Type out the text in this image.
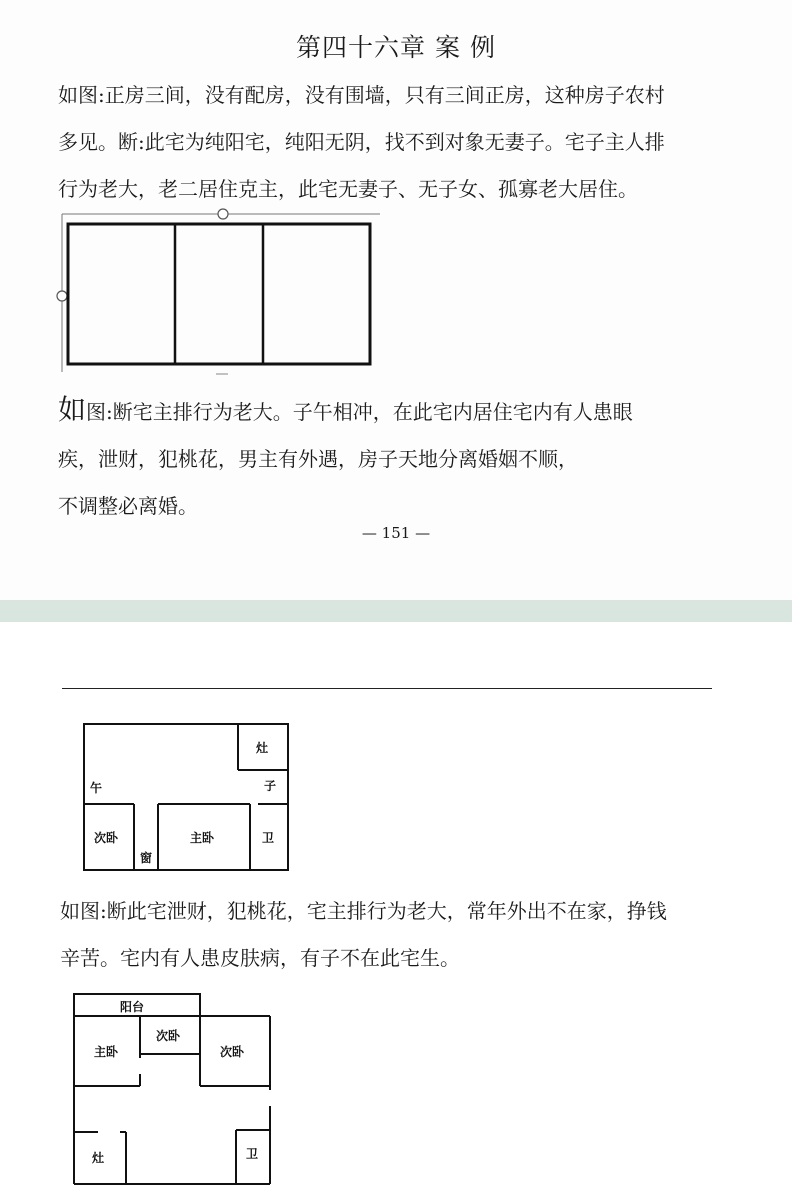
第四十六章 案 例

如图:正房三间，没有配房，没有围墙，只有三间正房，这种房子农村

多见。断:此宅为纯阳宅，纯阳无阴，找不到对象无妻子。宅子主人排

行为老大，老二居住克主，此宅无妻子、无子女、孤寡老大居住。

如图:断宅主排行为老大。子午相冲，在此宅内居住宅内有人患眼

疾，泄财，犯桃花，男主有外遇，房子天地分离婚姻不顺，

不调整必离婚。

— 151 —
灶
子
午
次卧	主卧
窗
卫

如图:断此宅泄财，犯桃花，宅主排行为老大，常年外出不在家，挣钱

辛苦。宅内有人患皮肤病，有子不在此宅生。

阳台
主卧
次卧
次卧
灶	卫
